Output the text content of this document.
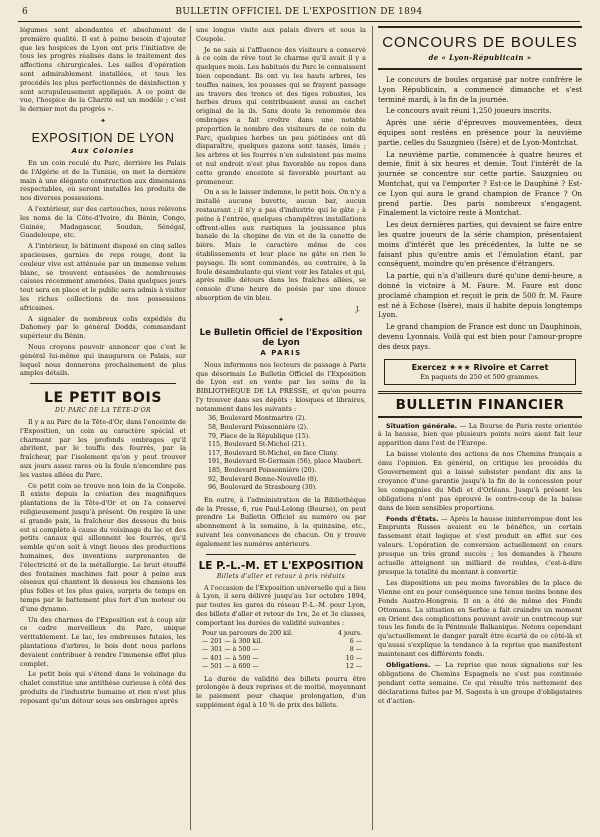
6	BULLETIN OFFICIEL DE L'EXPOSITION DE 1894

légumes sont abondantes et absolument de première qualité. Il est à peine besoin d'ajouter que les hospices de Lyon ont pris l'initiative de tous les progrès réalisés dans le traitement des affections chirurgicales. Les salles d'opération sont admirablement installées, et tous les procédés les plus perfectionnés de désinfection y sont scrupuleusement appliqués. A ce point de vue, l'hospice de la Charité est un modèle ; c'est le dernier mot du progrès ».

✦
EXPOSITION DE LYON
Aux Colonies

En un coin reculé du Parc, derrière les Palais de l'Algérie et de la Tunisie, on met la dernière main à une élégante construction aux dimensions respectables, où seront installés les produits de nos diverses possessions.

A l'extérieur, sur des cartouches, nous relevons les noms de la Côte-d'Ivoire, du Bénin, Congo, Guinée, Madagascar, Soudan, Sénégal, Guadeloupe, etc.

A l'intérieur, le bâtiment disposé en cinq salles spacieuses, garnies de reps rouge, dont la couleur vive est atténuée par un immense velum blanc, se trouvent entassées de nombreuses caisses récemment amenées. Dans quelques jours tout sera en place et le public sera admis à visiter les riches collections de nos possessions africaines.

A signaler de nombreux colis expédiés du Dahomey par le général Dodds, commandant supérieur du Bénin.

Nous croyons pouvoir annoncer que c'est le général lui-même qui inaugurera ce Palais, sur lequel nous donnerons prochainement de plus amples détails.

LE PETIT BOIS
DU PARC DE LA TÊTE-D'OR

Il y a au Parc de la Tête-d'Or, dans l'enceinte de l'Exposition, un coin au caractère spécial et charmant par les profonds ombrages qu'il abritent, par le touffu des fourrés, par la fraîcheur, par l'isolement qu'on y peut trouver aux jours assez rares où la foule n'encombre pas les vastes allées du Parc.

Ce petit coin se trouve non loin de la Conpole. Il existe depuis la création des magnifiques plantations de la Tête-d'Or et on l'a conservé religieusement jusqu'à présent. On respire là une si grande paix, la fraîcheur des dessous du bois est si complète à cause du voisinage du lac et des petits canaux qui sillonnent les fourrés, qu'il semble qu'on soit à vingt lieues des productions humaines, des inventions surprenantes de l'électricité et de la métallurgie. Le bruit étouffé des fontaines machines fait pour à peine aux oiseaux qui chantent là dessous les chansons les plus folles et les plus gaies, surpris de temps en temps par le battement plus fort d'un moteur ou d'une dynamo.

Un des charmes de l'Exposition est à coup sûr ce cadre merveilleux du Parc, unique véritablement. Le lac, les ombreuses futaies, les plantations d'arbres, le bois dont nous parlons devaient contribuer à rendre l'immense effet plus complet.

Le petit bois qui s'étend dans le voisinage du chalet constitue une antithèse curieuse à côté des produits de l'industrie humaine et rien n'est plus reposant qu'un détour sous ses ombrages après

une longue visite aux palais divers et sous la Coupole.

Je ne sais si l'affluence des visiteurs a conservé à ce coin de rêve tout le charme qu'il avait il y a quelques mois. Les habitués du Parc le connaissent bien cependant. Ils ont vu les hauts arbres, les touffes naines, les pousses qui se frayent passage au travers des troncs et des tiges robustes, les herbes drues qui contribuaient aussi au cachet original de la ils. Sans doute la renommée des ombrages a fait croître dans une notable proportion le nombre des visiteurs de ce coin du Parc, quelques herbes un peu piétinées ont dû disparaître, quelques gazons sont tassés, limés ; les arbres et les fourrés n'en subsistent pas moins et nul endroit n'est plus favorable au repos dans cette grande enceinte si favorable pourtant au promeneur.

On a su le laisser indemne, le petit bois. On n'y a installé aucune buvette, aucun bar, aucun restaurant ; il n'y a pas d'industrie qui le gâte ; à peine à l'entrée, quelques champêtres installations offrent-elles aux rustiques la jouissance plus banale de la chopine de vin et de la canette de bière. Mais le caractère même de ces établissements et leur place ne gâte en rien le paysage. Ils sont commandés, au contraire, à la foule désambulante qui vient voir les fatales et qui, après mille détours dans les fraîches allées, se console d'une heure de poésie par une douce absorption de vin bleu.

J.
✦
Le Bulletin Officiel de l'Exposition de Lyon
A PARIS

Nous informons nos lecteurs de passage à Paris que désormais Le Bulletin Officiel de l'Exposition de Lyon est en vente par les soins de la BIBLIOTHÈQUE DE LA PRESSE, et qu'on pourra l'y trouver dans ses dépôts : kiosques et libraires, notamment dans les suivants :

36, Boulevard Montmartre (2).
58, Boulevard Poissonnière (2).
79, Place de la République (15).
115, Boulevard St-Michel (21).
117, Boulevard St-Michel, en face Cluny.
191, Boulevard St-Germain (56), place Maubert.
185, Boulevard Poissonnière (20).
92, Boulevard Bonne-Nouvelle (8).
96, Boulevard de Strasbourg (30).

En outre, à l'administration de la Bibliothèque de la Presse, 6, rue Paul-Lelong (Bourse), on peut prendre Le Bulletin Officiel au numéro ou par abonnement à la semaine, à la quinzaine, etc., suivant les convenances de chacun. On y trouve également les numéros antérieurs.

LE P.-L.-M. ET L'EXPOSITION
Billets d'aller et retour à prix réduits

A l'occasion de l'Exposition universelle qui a lieu à Lyon, il sera délivré jusqu'au 1er octobre 1894, par toutes les gares du réseau P.-L.-M. pour Lyon, des billets d'aller et retour de 1re, 2e et 3e classes, comportant les durées de validité suivantes :

Pour un parcours de 200 kil.	4 jours.
— 201 — à 300 kil.	6 —
— 301 — à 500 —	8 —
— 401 — à 500 —	10 —
— 501 — à 600 —	12 —

La durée de validité des billets pourra être prolongée à deux reprises et de moitié, moyennant le paiement pour chaque prolongation, d'un supplément égal à 10 % de prix des billets.

CONCOURS DE BOULES
de « Lyon-Républicain »

Le concours de boules organisé par notre confrère le Lyon Républicain, a commencé dimanche et s'est terminé mardi, à la fin de la journée.

Le concours avait réuni 1,250 joueurs inscrits.

Après une série d'épreuves mouvementées, deux équipes sont restées en présence pour la neuvième partie, celles du Sauzgnieu (Isère) et de Lyon-Montchat.

La neuvième partie, commencée à quatre heures et demie, finit à six heures et demie. Tout l'intérêt de la journée se concentre sur cette partie. Sauzgnieu ou Montchat, qui va l'emporter ? Est-ce le Dauphiné ? Est-ce Lyon qui aura le grand champion de France ? On prend partie. Des paris nombreux s'engagent. Finalement la victoire reste à Montchat.

Les deux dernières parties, qui devaient se faire entre les quatre joueurs de la série champion, présentaient moins d'intérêt que les précédentes, la lutte ne se faisant plus qu'entre amis et l'émulation étant, par conséquent, moindre qu'en présence d'étrangers.

La partie, qui n'a d'ailleurs duré qu'une demi-heure, a donné la victoire à M. Faure. M. Faure est donc proclamé champion et reçoit le prix de 500 fr. M. Faure est né à Echose (Isère), mais il habite depuis longtemps Lyon.

Le grand champion de France est donc un Dauphinois, devenu Lyonnais. Voilà qui est bien pour l'amour-propre des deux pays.

Exercez ★★★ Rivoire et Carret
En paquets de 250 et 500 grammes.
BULLETIN FINANCIER

Situation générale. — La Bourse de Paris reste orientée à la hausse, bien que plusieurs points noirs aient fait leur apparition dans l'est de l'Europe.

La baisse violente des actions de nos Chemins français a ému l'opinion. En général, on critique les procédés du Gouvernement qui a laissé subsister pendant dix ans la croyance d'une garantie jusqu'à la fin de la concession pour les compagnies du Midi et d'Orléans. Jusqu'à présent les obligations n'ont pas éprouvé le contre-coup de la baisse dans de bien sensibles proportions.

Fonds d'États. — Après la hausse ininterrompue dont les Emprunts Russes avaient eu le bénéfice, un certain fassement était logique et s'est produit en effet sur ces valeurs. L'opération de conversion actuellement en cours presque un très grand succès ; les demandes à l'heure actuelle atteignent un milliard de roubles, c'est-à-dire presque la totalité du montant à convertir.

Les dispositions un peu moins favorables de la place de Vienne ont eu pour conséquence une tenue moins bonne des Fonds Austro-Hongrois. Il en a été de même des Fonds Ottomans. La situation en Serbie a fait craindre un moment en Orient des complications pouvant avoir un contrecoup sur tous les fonds de la Péninsule Balkanique. Notons cependant qu'actuellement le danger paraît être écarté de ce côté-là et qu'aussi s'explique la tendance à la reprise que manifestent maintenant ces différents fonds.

Obligations. — La reprise que nous signalions sur les obligations de Chemins Espagnols ne s'est pas continuée pendant cette semaine. Ce qui résulte très nettement des déclarations faites par M. Sagesta à un groupe d'obligataires et d'action-
